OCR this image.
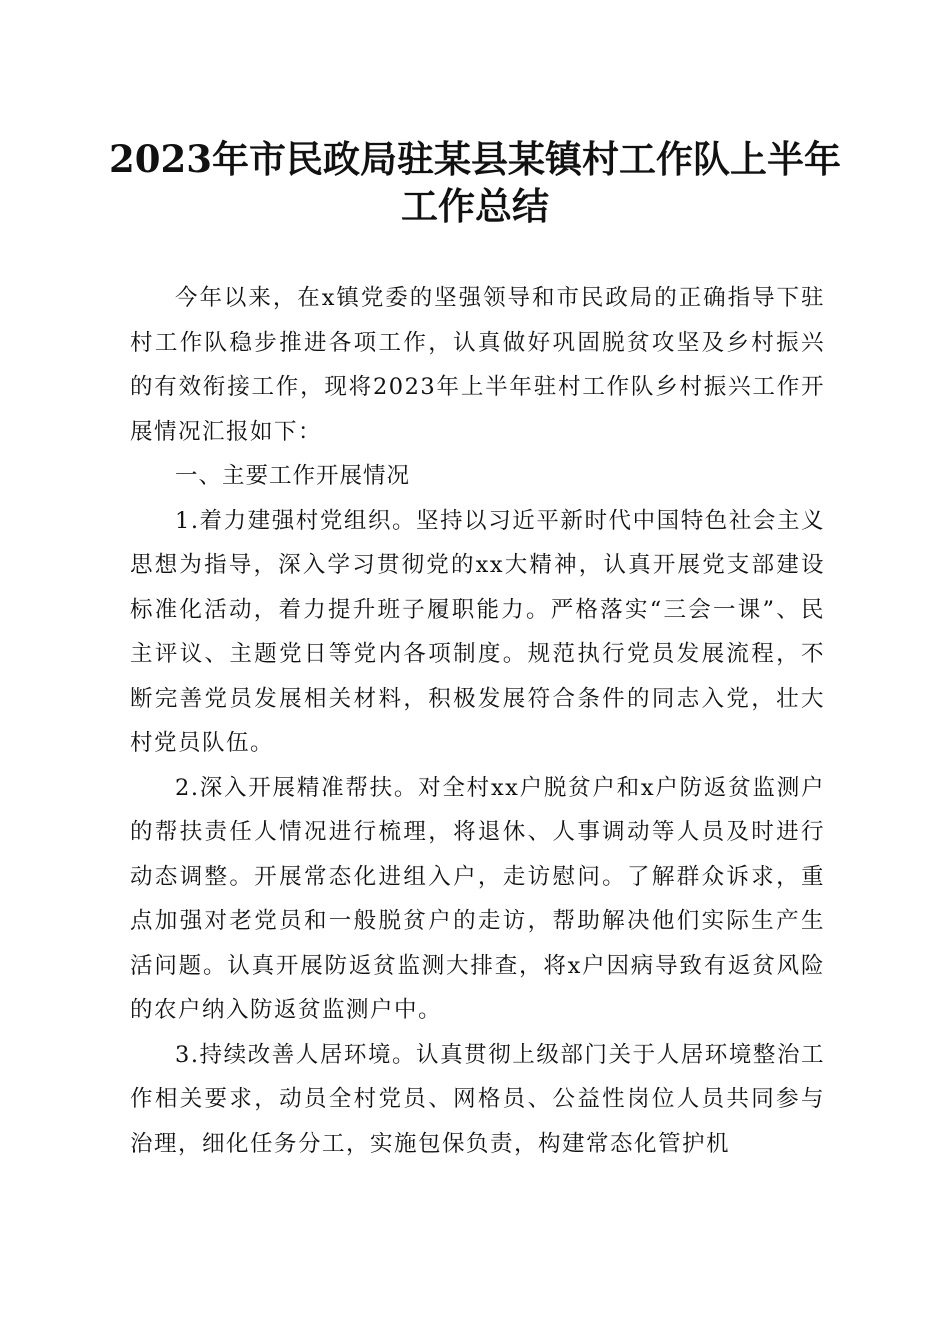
2023年市民政局驻某县某镇村工作队上半年工作总结

今年以来，在x镇党委的坚强领导和市民政局的正确指导下驻村工作队稳步推进各项工作，认真做好巩固脱贫攻坚及乡村振兴的有效衔接工作，现将2023年上半年驻村工作队乡村振兴工作开展情况汇报如下：

一、主要工作开展情况

1.着力建强村党组织。坚持以习近平新时代中国特色社会主义思想为指导，深入学习贯彻党的xx大精神，认真开展党支部建设标准化活动，着力提升班子履职能力。严格落实“三会一课”、民主评议、主题党日等党内各项制度。规范执行党员发展流程，不断完善党员发展相关材料，积极发展符合条件的同志入党，壮大村党员队伍。

2.深入开展精准帮扶。对全村xx户脱贫户和x户防返贫监测户的帮扶责任人情况进行梳理，将退休、人事调动等人员及时进行动态调整。开展常态化进组入户，走访慰问。了解群众诉求，重点加强对老党员和一般脱贫户的走访，帮助解决他们实际生产生活问题。认真开展防返贫监测大排查，将x户因病导致有返贫风险的农户纳入防返贫监测户中。

3.持续改善人居环境。认真贯彻上级部门关于人居环境整治工作相关要求，动员全村党员、网格员、公益性岗位人员共同参与治理，细化任务分工，实施包保负责，构建常态化管护机
